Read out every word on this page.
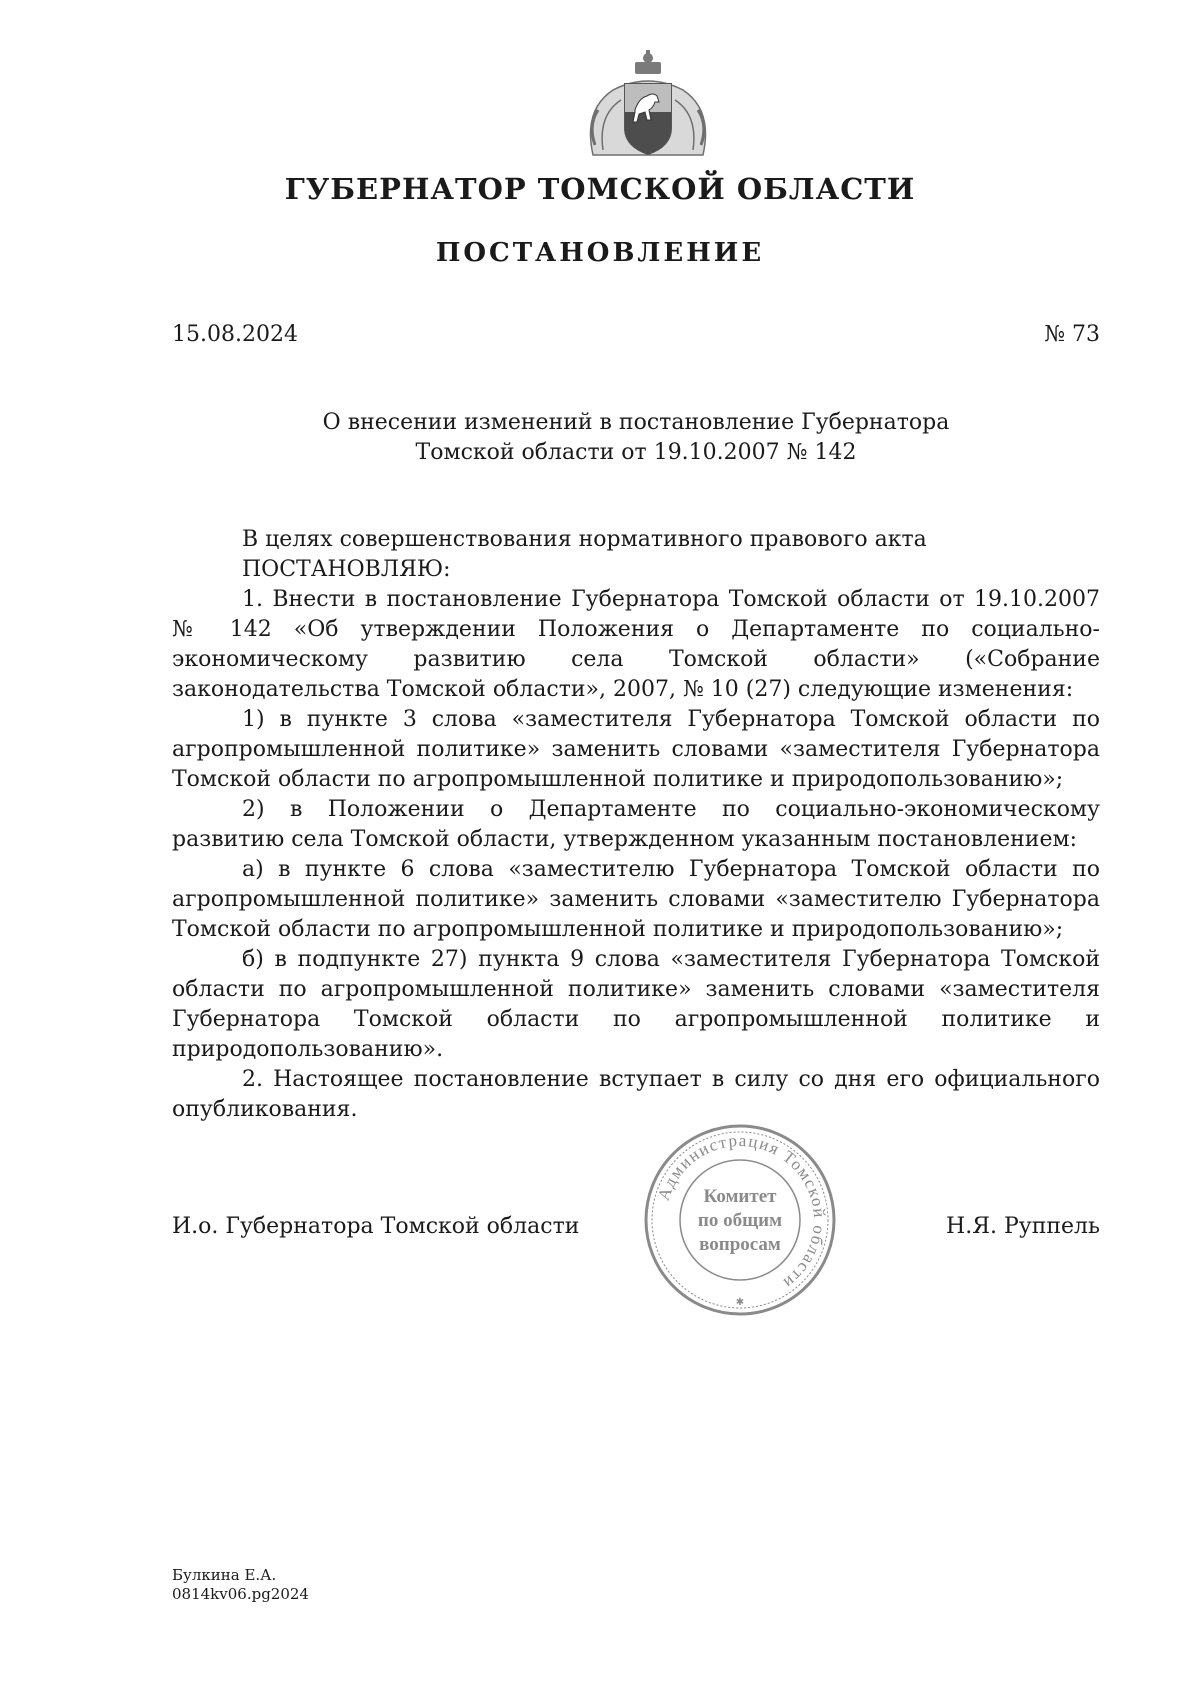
ГУБЕРНАТОР ТОМСКОЙ ОБЛАСТИ
ПОСТАНОВЛЕНИЕ
15.08.2024	№ 73
О внесении изменений в постановление Губернатора
Томской области от 19.10.2007 № 142

В целях совершенствования нормативного правового акта

ПОСТАНОВЛЯЮ:

1. Внести в постановление Губернатора Томской области от 19.10.2007 № 142 «Об утверждении Положения о Департаменте по социально-экономическому развитию села Томской области» («Собрание законодательства Томской области», 2007, № 10 (27) следующие изменения:

1) в пункте 3 слова «заместителя Губернатора Томской области по агропромышленной политике» заменить словами «заместителя Губернатора Томской области по агропромышленной политике и природопользованию»;

2) в Положении о Департаменте по социально-экономическому развитию села Томской области, утвержденном указанным постановлением:

а) в пункте 6 слова «заместителю Губернатора Томской области по агропромышленной политике» заменить словами «заместителю Губернатора Томской области по агропромышленной политике и природопользованию»;

б) в подпункте 27) пункта 9 слова «заместителя Губернатора Томской области по агропромышленной политике» заменить словами «заместителя Губернатора Томской области по агропромышленной политике и природопользованию».

2. Настоящее постановление вступает в силу со дня его официального опубликования.

И.о. Губернатора Томской области	Н.Я. Руппель
Администрация Томской области
Комитет
по общим
вопросам
✱
Булкина Е.А.
0814kv06.pg2024
